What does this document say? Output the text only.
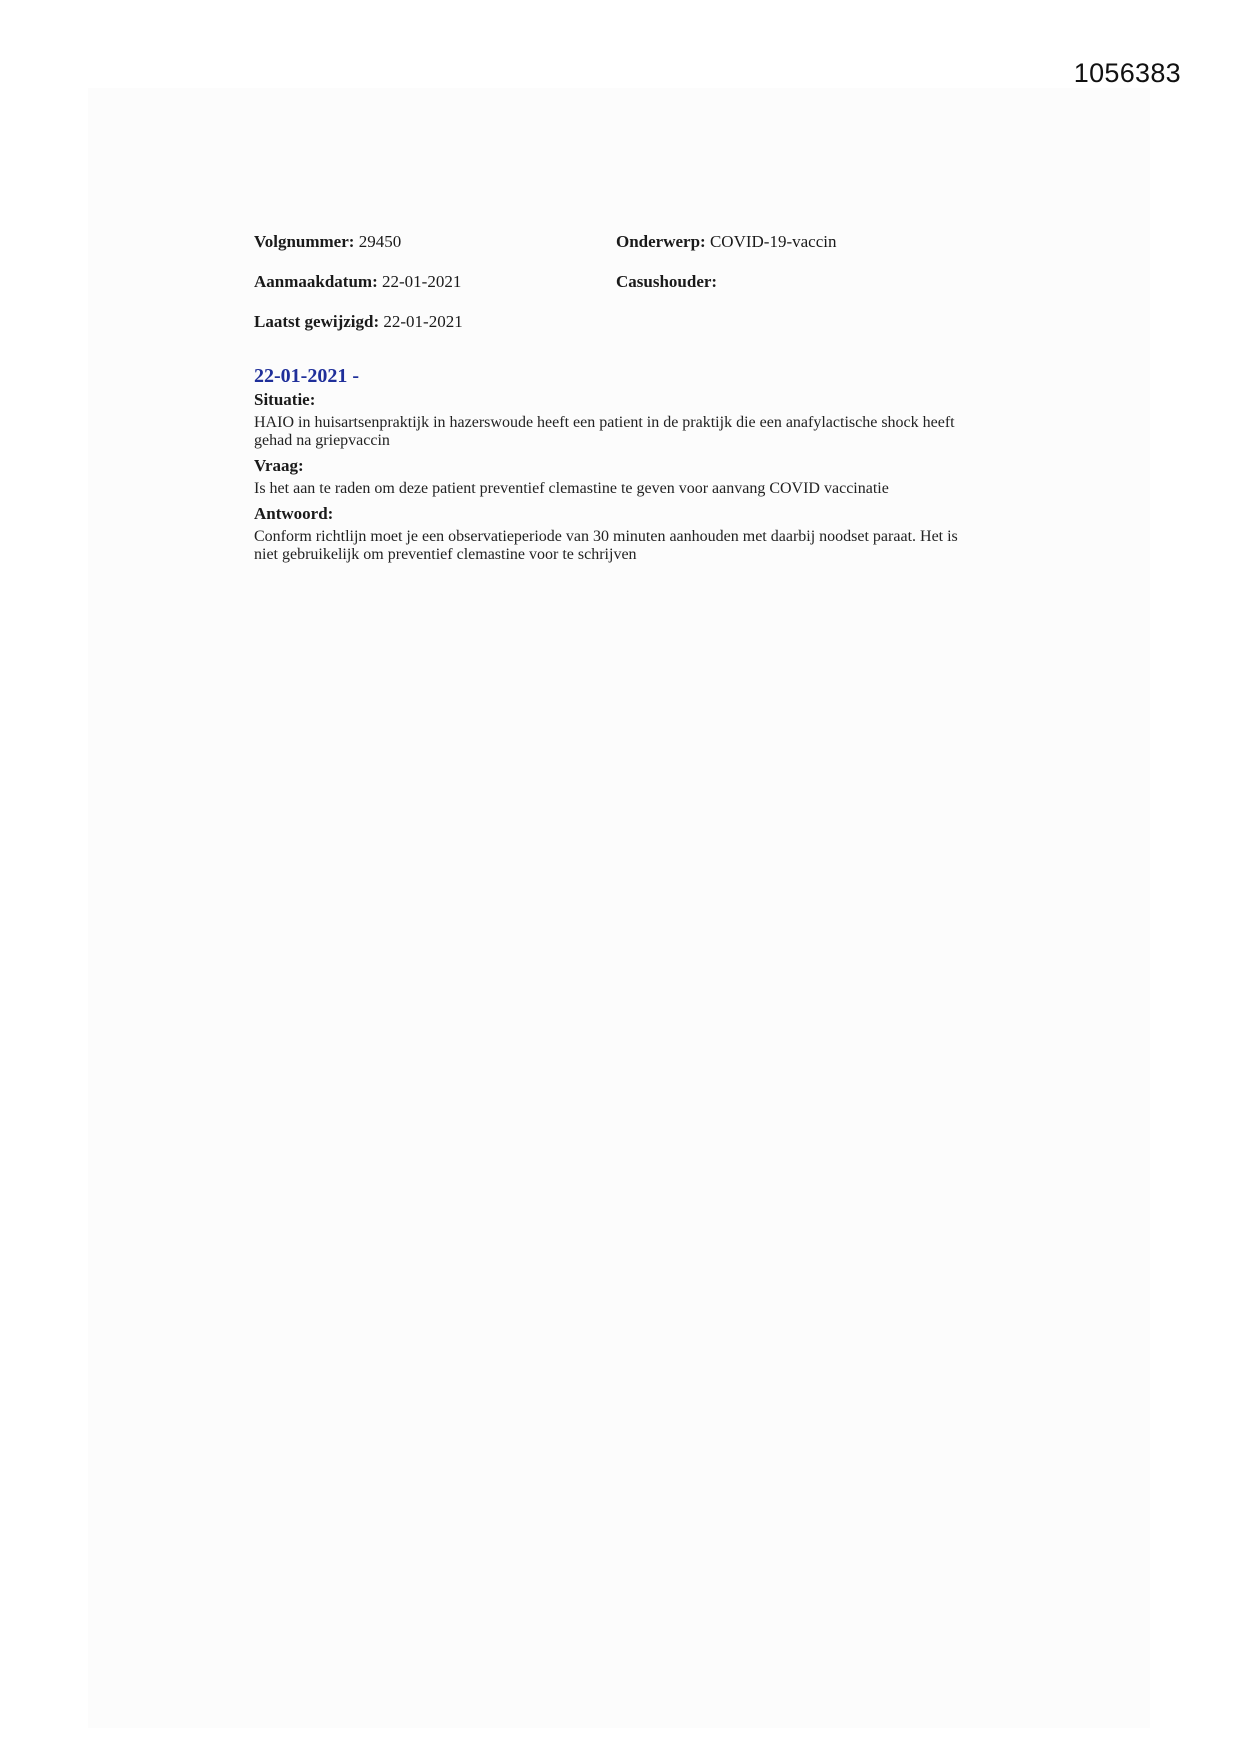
1056383
Volgnummer: 29450	Onderwerp: COVID-19-vaccin
Aanmaakdatum: 22-01-2021	Casushouder:
Laatst gewijzigd: 22-01-2021
22-01-2021 -
Situatie:
HAIO in huisartsenpraktijk in hazerswoude heeft een patient in de praktijk die een anafylactische shock heeft gehad na griepvaccin
Vraag:
Is het aan te raden om deze patient preventief clemastine te geven voor aanvang COVID vaccinatie
Antwoord:
Conform richtlijn moet je een observatieperiode van 30 minuten aanhouden met daarbij noodset paraat. Het is niet gebruikelijk om preventief clemastine voor te schrijven
